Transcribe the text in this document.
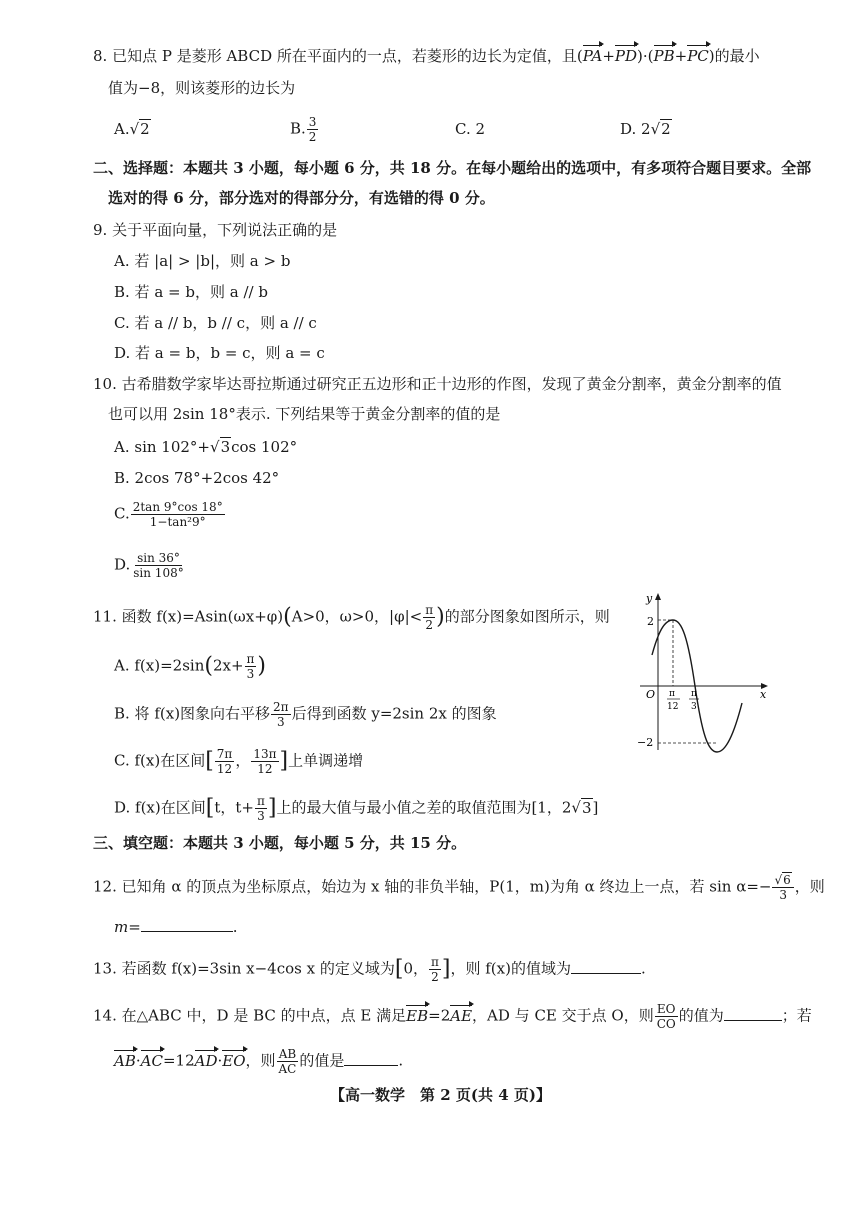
8. 已知点 P 是菱形 ABCD 所在平面内的一点，若菱形的边长为定值，且(PA+PD)·(PB+PC)的最小
值为−8，则该菱形的边长为
A.√2	B. $\frac{3}{2}$	C. 2	D. 2√2
二、选择题：本题共 3 小题，每小题 6 分，共 18 分。在每小题给出的选项中，有多项符合题目要求。全部
选对的得 6 分，部分选对的得部分分，有选错的得 0 分。
9. 关于平面向量，下列说法正确的是
A. 若 |a| > |b|，则 a > b
B. 若 a = b，则 a // b
C. 若 a // b，b // c，则 a // c
D. 若 a = b，b = c，则 a = c
10. 古希腊数学家毕达哥拉斯通过研究正五边形和正十边形的作图，发现了黄金分割率，黄金分割率的值
也可以用 2sin 18°表示. 下列结果等于黄金分割率的值的是
A. sin 102°+√3cos 102°
B. 2cos 78°+2cos 42°
C. $\frac{2\tan 9^\circ\cos 18^\circ}{\text{1−tan²9°}}$
D. $\frac{\sin 36^\circ}{\sin 108^\circ}$
11. 函数 f(x)=Asin(ωx+φ)(A>0，ω>0，$|\varphi|< \frac{\pi}{2}$ )的部分图象如图所示，则
A. $f(x)=2\sin(2x+ \frac{\pi}{3}$ )
B. 将 f(x)图象向右平移 $\frac{2\pi}{3}$ 后得到函数 y=2sin 2x 的图象
C. f(x)在区间[ $\frac{7\pi}{12}$ ， $\frac{13\pi}{12}$ ]上单调递增
D. f(x)在区间[t，$t+ \frac{\pi}{3}$ ]上的最大值与最小值之差的取值范围为[1，2√3]
y
x
O
2
−2
π
12
π
3
三、填空题：本题共 3 小题，每小题 5 分，共 15 分。
12. 已知角 α 的顶点为坐标原点，始边为 x 轴的非负半轴，P(1，m)为角 α 终边上一点，若 $\sin \alpha=- \frac{√6}{3}$ ，则
m=	.
13. 若函数 f(x)=3sin x−4cos x 的定义域为[0， $\frac{\pi}{2}$ ]，则 f(x)的值域为	.
14. 在△ABC 中，D 是 BC 的中点，点 E 满足EB=2AE，AD 与 CE 交于点 O，则 $\frac{EO}{CO}$ 的值为	；若
AB·AC=12AD·EO，则 $\frac{AB}{AC}$ 的值是	.
【高一数学　第 2 页(共 4 页)】
